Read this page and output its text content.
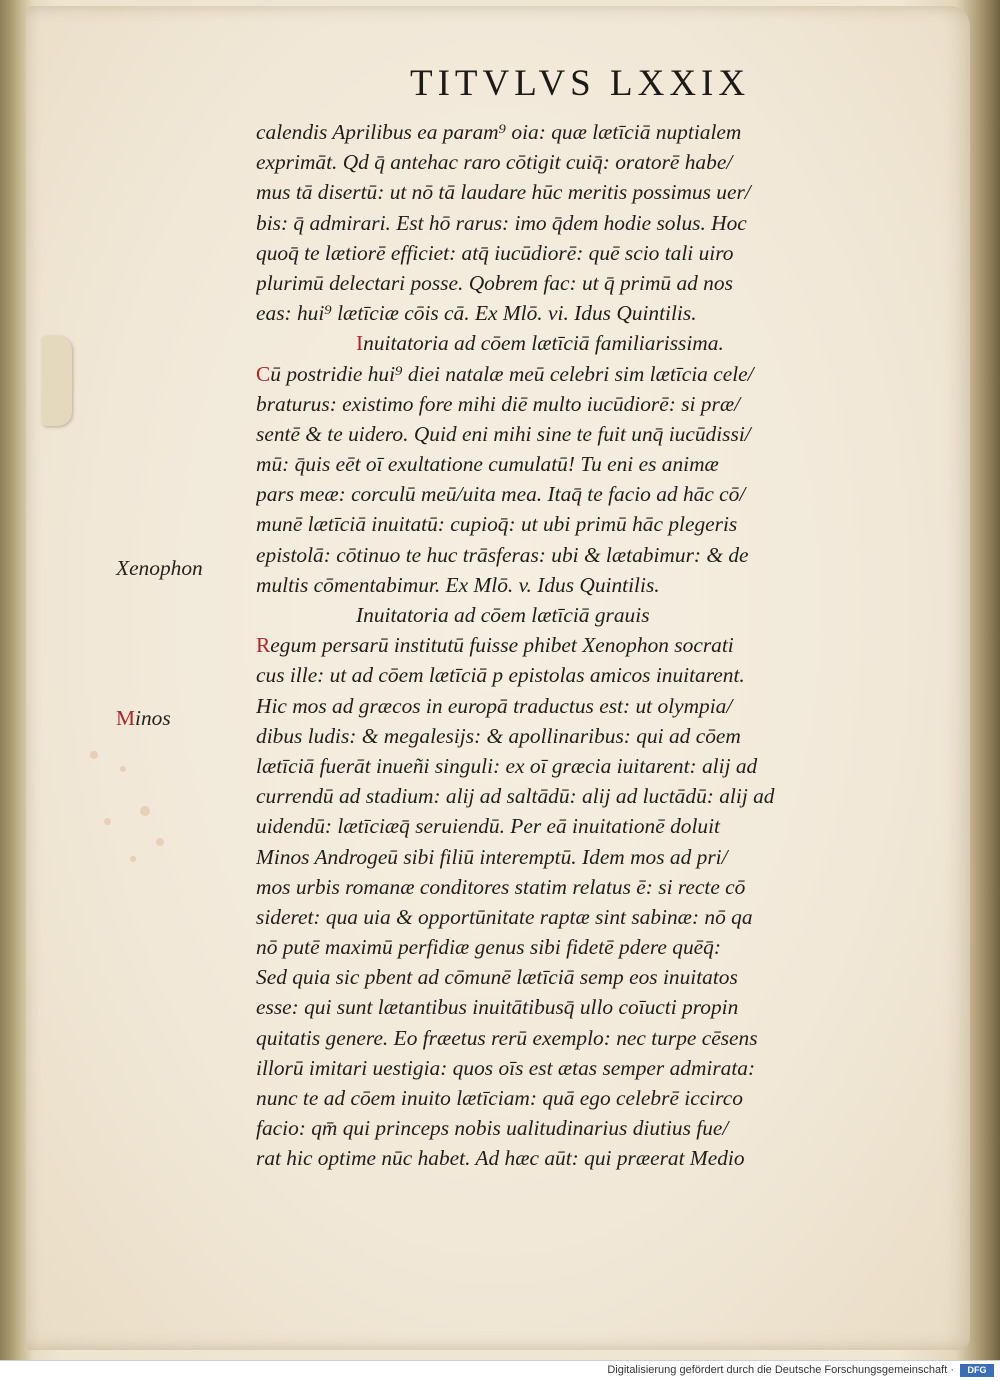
TITVLVS LXXIX
calendis Aprilibus ea param⁹ oia: quæ lætīciā nuptialem
exprimāt. Qd q̄ antehac raro cōtigit cuiq̄: oratorē habe/
mus tā disertū: ut nō tā laudare hūc meritis possimus uer/
bis: q̄ admirari. Est hō rarus: imo q̄dem hodie solus. Hoc
quoq̄ te lætiorē efficiet: atq̄ iucūdiorē: quē scio tali uiro
plurimū delectari posse. Qobrem fac: ut q̄ primū ad nos
eas: hui⁹ lætīciæ cōis cā. Ex Mlō. vi. Idus Quintilis.
Inuitatoria ad cōem lætīciā familiarissima.
Cū postridie hui⁹ diei natalæ meū celebri sim lætīcia cele/
braturus: existimo fore mihi diē multo iucūdiorē: si præ/
sentē & te uidero. Quid eni mihi sine te fuit unq̄ iucūdissi/
mū: q̄uis eēt oī exultatione cumulatū! Tu eni es animæ
pars meæ: corculū meū/uita mea. Itaq̄ te facio ad hāc cō/
munē lætīciā inuitatū: cupioq̄: ut ubi primū hāc plegeris
epistolā: cōtinuo te huc trāsferas: ubi & lætabimur: & de
multis cōmentabimur. Ex Mlō. v. Idus Quintilis.
Inuitatoria ad cōem lætīciā grauis
Regum persarū institutū fuisse phibet Xenophon socrati
cus ille: ut ad cōem lætīciā p epistolas amicos inuitarent.
Hic mos ad græcos in europā traductus est: ut olympia/
dibus ludis: & megalesijs: & apollinaribus: qui ad cōem
lætīciā fuerāt inueñi singuli: ex oī græcia iuitarent: alij ad
currendū ad stadium: alij ad saltādū: alij ad luctādū: alij ad
uidendū: lætīciæq̄ seruiendū. Per eā inuitationē doluit
Minos Androgeū sibi filiū interemptū. Idem mos ad pri/
mos urbis romanæ conditores statim relatus ē: si recte cō
sideret: qua uia & opportūnitate raptæ sint sabinæ: nō qa
nō putē maximū perfidiæ genus sibi fidetē pdere quēq̄:
Sed quia sic pbent ad cōmunē lætīciā semp eos inuitatos
esse: qui sunt lætantibus inuitātibusq̄ ullo coīucti propin
quitatis genere. Eo fræetus rerū exemplo: nec turpe cēsens
illorū imitari uestigia: quos oīs est ætas semper admirata:
nunc te ad cōem inuito lætīciam: quā ego celebrē iccirco
facio: qm̄ qui princeps nobis ualitudinarius diutius fue/
rat hic optime nūc habet. Ad hæc aūt: qui præerat Medio
Xenophon
Minos
Digitalisierung gefördert durch die Deutsche Forschungsgemeinschaft ·	DFG
